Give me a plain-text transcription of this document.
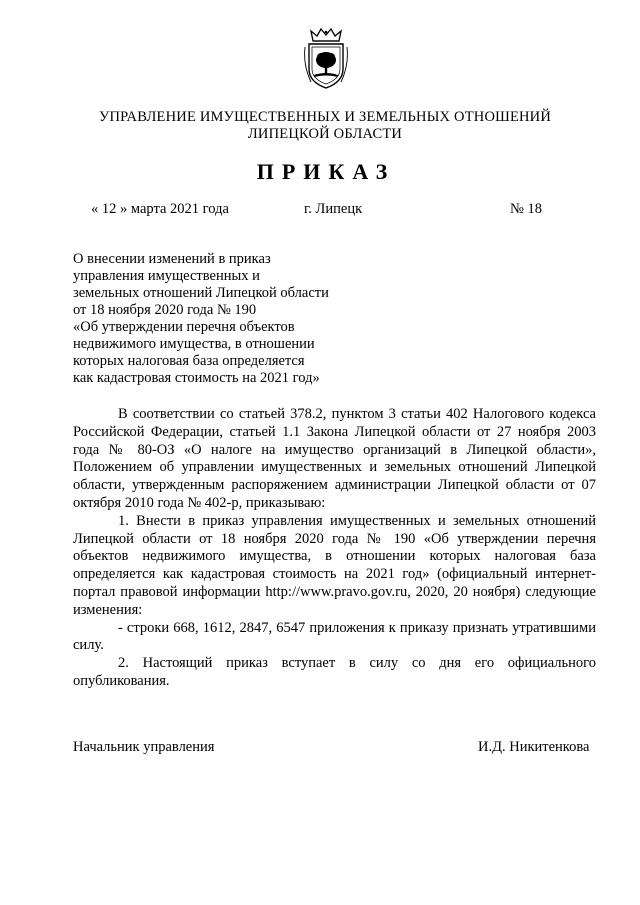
УПРАВЛЕНИЕ ИМУЩЕСТВЕННЫХ И ЗЕМЕЛЬНЫХ ОТНОШЕНИЙ
ЛИПЕЦКОЙ ОБЛАСТИ
ПРИКАЗ
« 12 » марта 2021 года	г. Липецк	№ 18
О внесении изменений в приказ
управления имущественных и
земельных отношений Липецкой области
от 18 ноября 2020 года № 190
«Об утверждении перечня объектов
недвижимого имущества, в отношении
которых налоговая база определяется
как кадастровая стоимость на 2021 год»

В соответствии со статьей 378.2, пунктом 3 статьи 402 Налогового кодекса Российской Федерации, статьей 1.1 Закона Липецкой области от 27 ноября 2003 года № 80-ОЗ «О налоге на имущество организаций в Липецкой области», Положением об управлении имущественных и земельных отношений Липецкой области, утвержденным распоряжением администрации Липецкой области от 07 октября 2010 года № 402-р, приказываю:

1. Внести в приказ управления имущественных и земельных отношений Липецкой области от 18 ноября 2020 года № 190 «Об утверждении перечня объектов недвижимого имущества, в отношении которых налоговая база определяется как кадастровая стоимость на 2021 год» (официальный интернет-портал правовой информации http://www.pravo.gov.ru, 2020, 20 ноября) следующие изменения:

- строки 668, 1612, 2847, 6547 приложения к приказу признать утратившими силу.

2. Настоящий приказ вступает в силу со дня его официального опубликования.

Начальник управления	И.Д. Никитенкова
